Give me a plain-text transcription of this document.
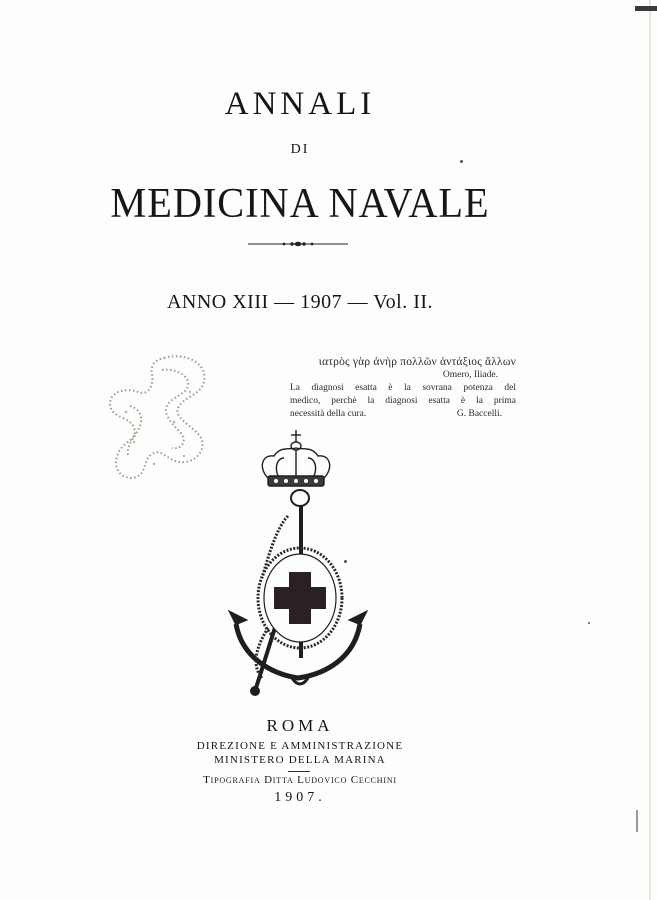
ANNALI
DI
MEDICINA NAVALE
ANNO XIII — 1907 — Vol. II.
ιατρὸς γὰρ ἀνὴρ πολλῶν ἀντάξιος ἄλλων
Omero, Iliade.
La diagnosi esatta è la sovrana potenza del
medico, perchè la diagnosi esatta è la prima
necessità della cura.	G. Baccelli.
ROMA
DIREZIONE E AMMINISTRAZIONE
MINISTERO DELLA MARINA
Tipografia Ditta Ludovico Cecchini
1907.
